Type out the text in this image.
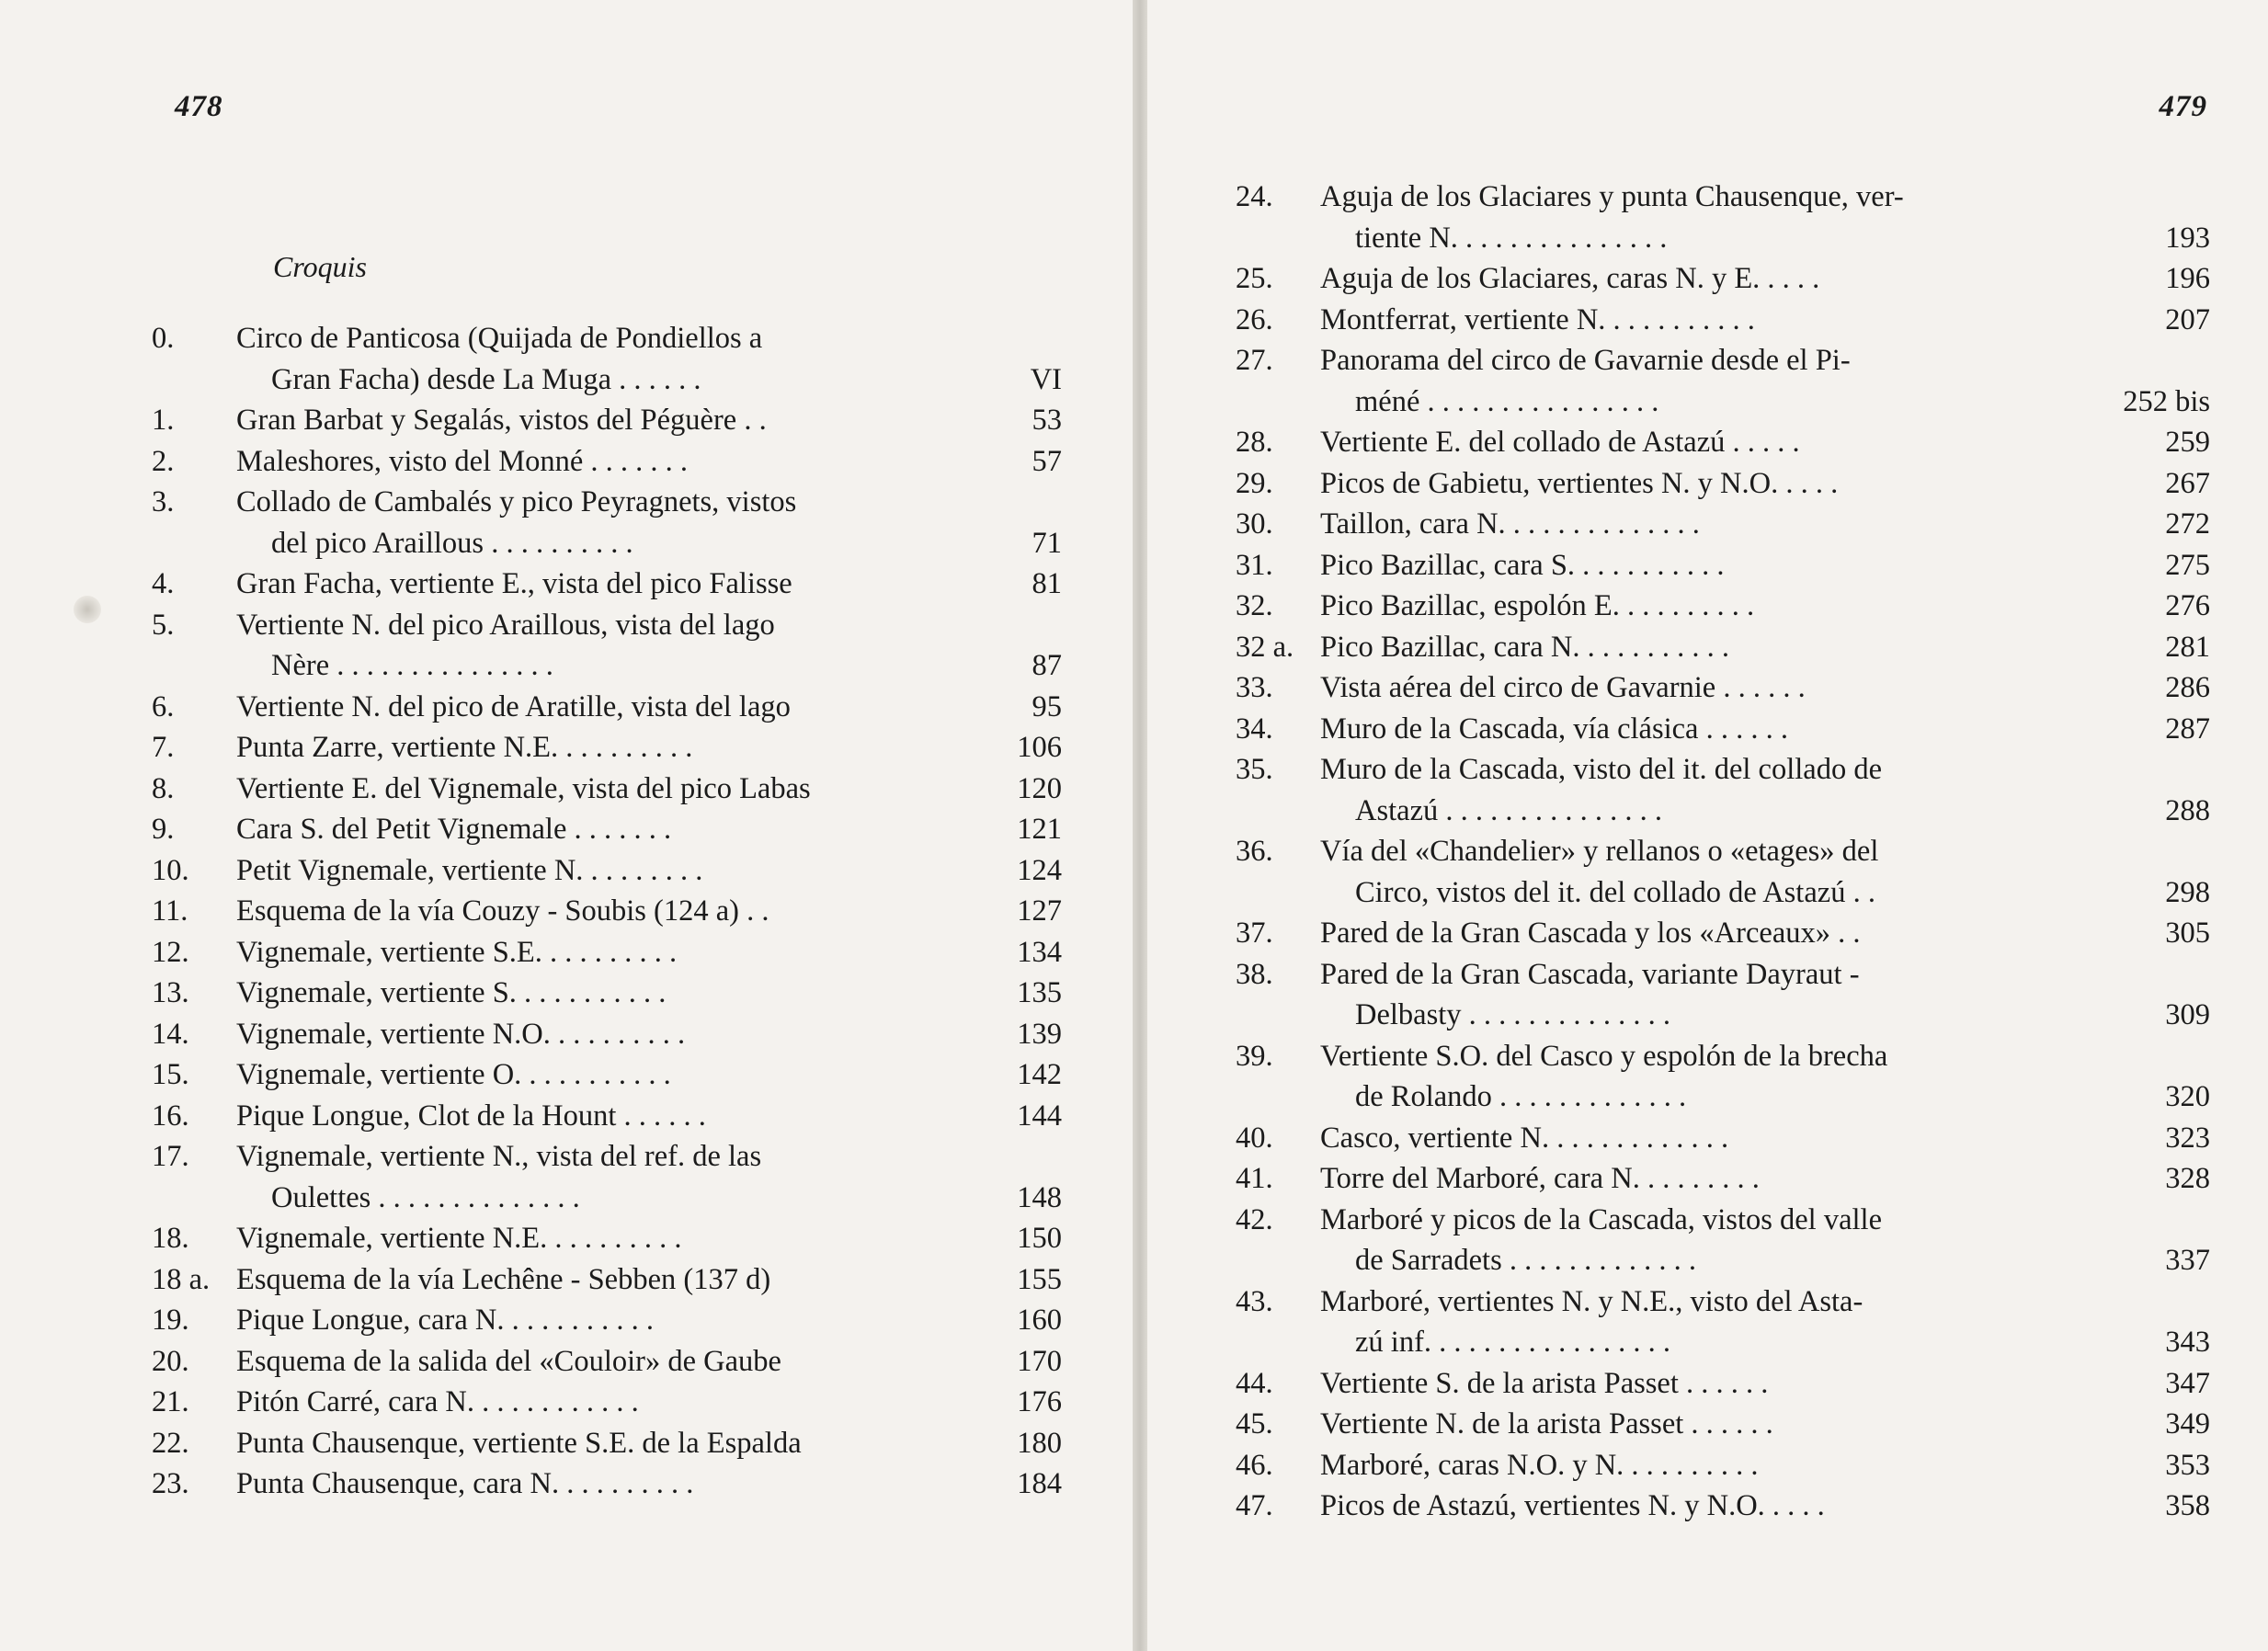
478
Croquis
0.	Circo de Panticosa (Quijada de Pondiellos a
Gran Facha) desde La Muga . . . . . .	VI
1.	Gran Barbat y Segalás, vistos del Péguère . .	53
2.	Maleshores, visto del Monné . . . . . . .	57
3.	Collado de Cambalés y pico Peyragnets, vistos
del pico Araillous . . . . . . . . . .	71
4.	Gran Facha, vertiente E., vista del pico Falisse	81
5.	Vertiente N. del pico Araillous, vista del lago
Nère . . . . . . . . . . . . . . .	87
6.	Vertiente N. del pico de Aratille, vista del lago	95
7.	Punta Zarre, vertiente N.E. . . . . . . . . .	106
8.	Vertiente E. del Vignemale, vista del pico Labas	120
9.	Cara S. del Petit Vignemale . . . . . . .	121
10.	Petit Vignemale, vertiente N. . . . . . . . .	124
11.	Esquema de la vía Couzy - Soubis (124 a) . .	127
12.	Vignemale, vertiente S.E. . . . . . . . . .	134
13.	Vignemale, vertiente S. . . . . . . . . . .	135
14.	Vignemale, vertiente N.O. . . . . . . . . .	139
15.	Vignemale, vertiente O. . . . . . . . . . .	142
16.	Pique Longue, Clot de la Hount . . . . . .	144
17.	Vignemale, vertiente N., vista del ref. de las
Oulettes . . . . . . . . . . . . . .	148
18.	Vignemale, vertiente N.E. . . . . . . . . .	150
18 a. Esquema de la vía Lechêne - Sebben (137 d)	155
19.	Pique Longue, cara N. . . . . . . . . . .	160
20.	Esquema de la salida del «Couloir» de Gaube	170
21.	Pitón Carré, cara N. . . . . . . . . . . .	176
22.	Punta Chausenque, vertiente S.E. de la Espalda	180
23.	Punta Chausenque, cara N. . . . . . . . . .	184
479
24.	Aguja de los Glaciares y punta Chausenque, ver-
tiente N. . . . . . . . . . . . . . .	193
25.	Aguja de los Glaciares, caras N. y E. . . . .	196
26.	Montferrat, vertiente N. . . . . . . . . . .	207
27.	Panorama del circo de Gavarnie desde el Pi-
méné . . . . . . . . . . . . . . . .	252 bis
28.	Vertiente E. del collado de Astazú . . . . .	259
29.	Picos de Gabietu, vertientes N. y N.O. . . . .	267
30.	Taillon, cara N. . . . . . . . . . . . . .	272
31.	Pico Bazillac, cara S. . . . . . . . . . .	275
32.	Pico Bazillac, espolón E. . . . . . . . . .	276
32 a. Pico Bazillac, cara N. . . . . . . . . . .	281
33.	Vista aérea del circo de Gavarnie . . . . . .	286
34.	Muro de la Cascada, vía clásica . . . . . .	287
35.	Muro de la Cascada, visto del it. del collado de
Astazú . . . . . . . . . . . . . . .	288
36.	Vía del «Chandelier» y rellanos o «etages» del
Circo, vistos del it. del collado de Astazú . .	298
37.	Pared de la Gran Cascada y los «Arceaux» . .	305
38.	Pared de la Gran Cascada, variante Dayraut -
Delbasty . . . . . . . . . . . . . .	309
39.	Vertiente S.O. del Casco y espolón de la brecha
de Rolando . . . . . . . . . . . . .	320
40.	Casco, vertiente N. . . . . . . . . . . . .	323
41.	Torre del Marboré, cara N. . . . . . . . .	328
42.	Marboré y picos de la Cascada, vistos del valle
de Sarradets . . . . . . . . . . . . .	337
43.	Marboré, vertientes N. y N.E., visto del Asta-
zú inf. . . . . . . . . . . . . . . . .	343
44.	Vertiente S. de la arista Passet . . . . . .	347
45.	Vertiente N. de la arista Passet . . . . . .	349
46.	Marboré, caras N.O. y N. . . . . . . . . .	353
47.	Picos de Astazú, vertientes N. y N.O. . . . .	358
